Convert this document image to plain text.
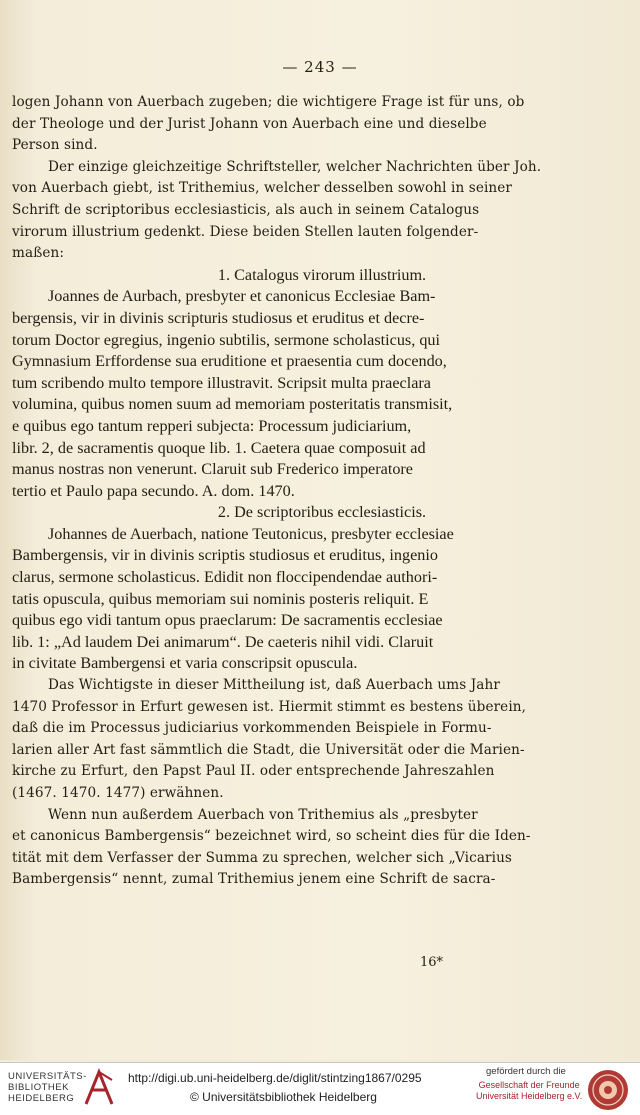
— 243 —
logen Johann von Auerbach zugeben; die wichtigere Frage ist für uns, ob
der Theologe und der Jurist Johann von Auerbach eine und dieselbe
Person sind.
Der einzige gleichzeitige Schriftsteller, welcher Nachrichten über Joh.
von Auerbach giebt, ist Trithemius, welcher desselben sowohl in seiner
Schrift de scriptoribus ecclesiasticis, als auch in seinem Catalogus
virorum illustrium gedenkt. Diese beiden Stellen lauten folgender-
maßen:
1. Catalogus virorum illustrium.
Joannes de Aurbach, presbyter et canonicus Ecclesiae Bam-
bergensis, vir in divinis scripturis studiosus et eruditus et decre-
torum Doctor egregius, ingenio subtilis, sermone scholasticus, qui
Gymnasium Erffordense sua eruditione et praesentia cum docendo,
tum scribendo multo tempore illustravit. Scripsit multa praeclara
volumina, quibus nomen suum ad memoriam posteritatis transmisit,
e quibus ego tantum repperi subjecta: Processum judiciarium,
libr. 2, de sacramentis quoque lib. 1. Caetera quae composuit ad
manus nostras non venerunt. Claruit sub Frederico imperatore
tertio et Paulo papa secundo. A. dom. 1470.
2. De scriptoribus ecclesiasticis.
Johannes de Auerbach, natione Teutonicus, presbyter ecclesiae
Bambergensis, vir in divinis scriptis studiosus et eruditus, ingenio
clarus, sermone scholasticus. Edidit non floccipendendae authori-
tatis opuscula, quibus memoriam sui nominis posteris reliquit. E
quibus ego vidi tantum opus praeclarum: De sacramentis ecclesiae
lib. 1: „Ad laudem Dei animarum“. De caeteris nihil vidi. Claruit
in civitate Bambergensi et varia conscripsit opuscula.
Das Wichtigste in dieser Mittheilung ist, daß Auerbach ums Jahr
1470 Professor in Erfurt gewesen ist. Hiermit stimmt es bestens überein,
daß die im Processus judiciarius vorkommenden Beispiele in Formu-
larien aller Art fast sämmtlich die Stadt, die Universität oder die Marien-
kirche zu Erfurt, den Papst Paul II. oder entsprechende Jahreszahlen
(1467. 1470. 1477) erwähnen.
Wenn nun außerdem Auerbach von Trithemius als „presbyter
et canonicus Bambergensis“ bezeichnet wird, so scheint dies für die Iden-
tität mit dem Verfasser der Summa zu sprechen, welcher sich „Vicarius
Bambergensis“ nennt, zumal Trithemius jenem eine Schrift de sacra-
16*
UNIVERSITÄTS-
BIBLIOTHEK
HEIDELBERG
http://digi.ub.uni-heidelberg.de/diglit/stintzing1867/0295
© Universitätsbibliothek Heidelberg
gefördert durch die
Gesellschaft der Freunde
Universität Heidelberg e.V.
